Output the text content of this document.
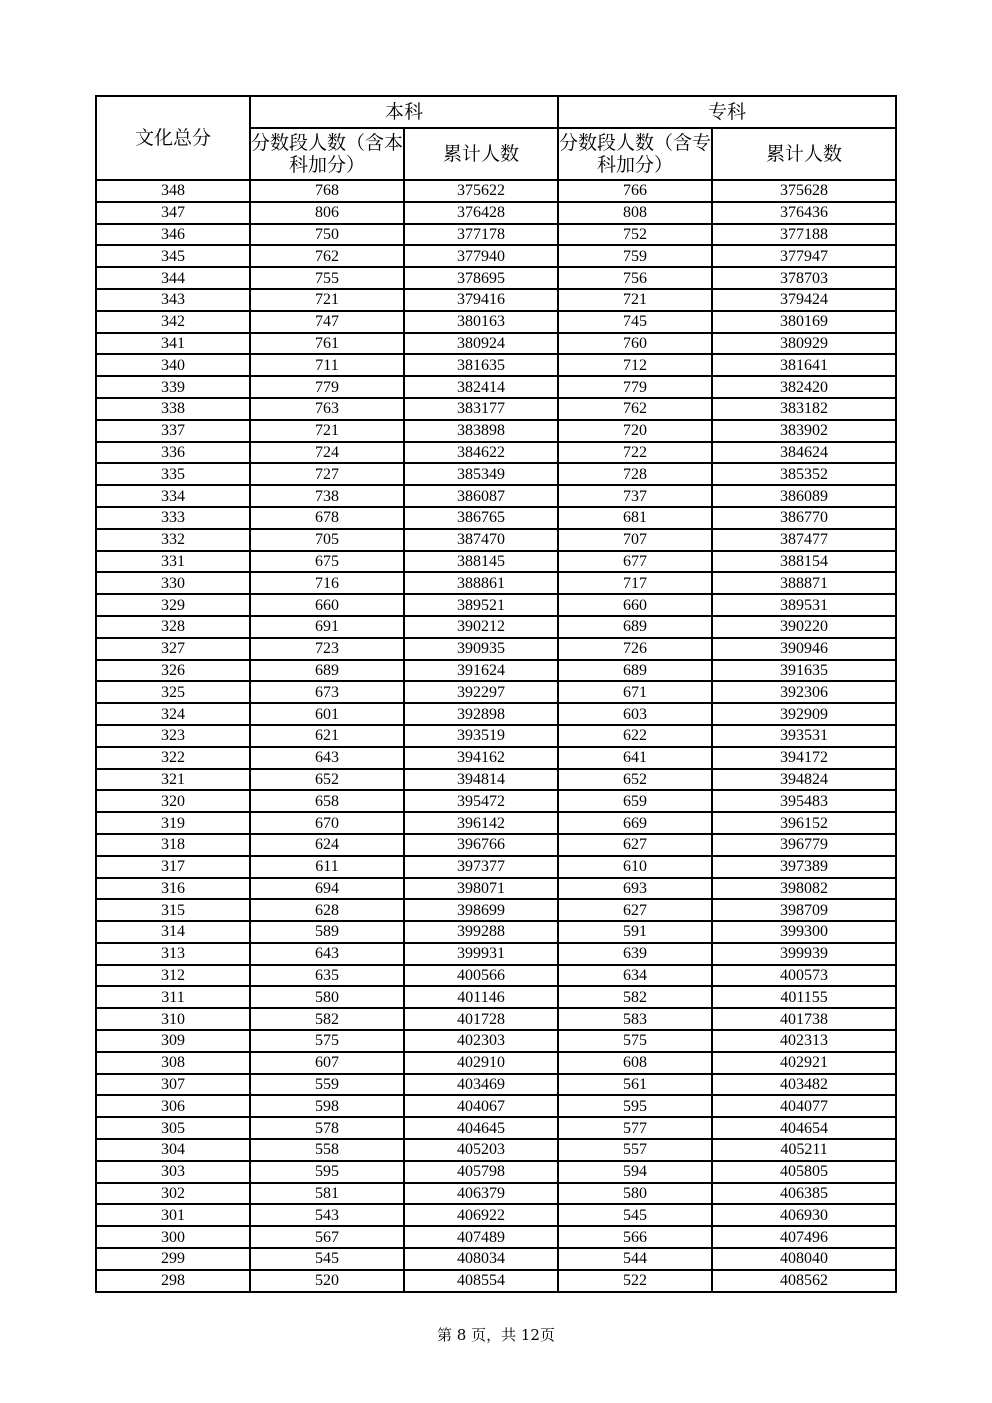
文化总分	本科		专科	
	分数段人数（含本科加分）	累计人数	分数段人数（含专科加分）	累计人数
348	768	375622	766	375628
347	806	376428	808	376436
346	750	377178	752	377188
345	762	377940	759	377947
344	755	378695	756	378703
343	721	379416	721	379424
342	747	380163	745	380169
341	761	380924	760	380929
340	711	381635	712	381641
339	779	382414	779	382420
338	763	383177	762	383182
337	721	383898	720	383902
336	724	384622	722	384624
335	727	385349	728	385352
334	738	386087	737	386089
333	678	386765	681	386770
332	705	387470	707	387477
331	675	388145	677	388154
330	716	388861	717	388871
329	660	389521	660	389531
328	691	390212	689	390220
327	723	390935	726	390946
326	689	391624	689	391635
325	673	392297	671	392306
324	601	392898	603	392909
323	621	393519	622	393531
322	643	394162	641	394172
321	652	394814	652	394824
320	658	395472	659	395483
319	670	396142	669	396152
318	624	396766	627	396779
317	611	397377	610	397389
316	694	398071	693	398082
315	628	398699	627	398709
314	589	399288	591	399300
313	643	399931	639	399939
312	635	400566	634	400573
311	580	401146	582	401155
310	582	401728	583	401738
309	575	402303	575	402313
308	607	402910	608	402921
307	559	403469	561	403482
306	598	404067	595	404077
305	578	404645	577	404654
304	558	405203	557	405211
303	595	405798	594	405805
302	581	406379	580	406385
301	543	406922	545	406930
300	567	407489	566	407496
299	545	408034	544	408040
298	520	408554	522	408562
第 8 页，共 12页
